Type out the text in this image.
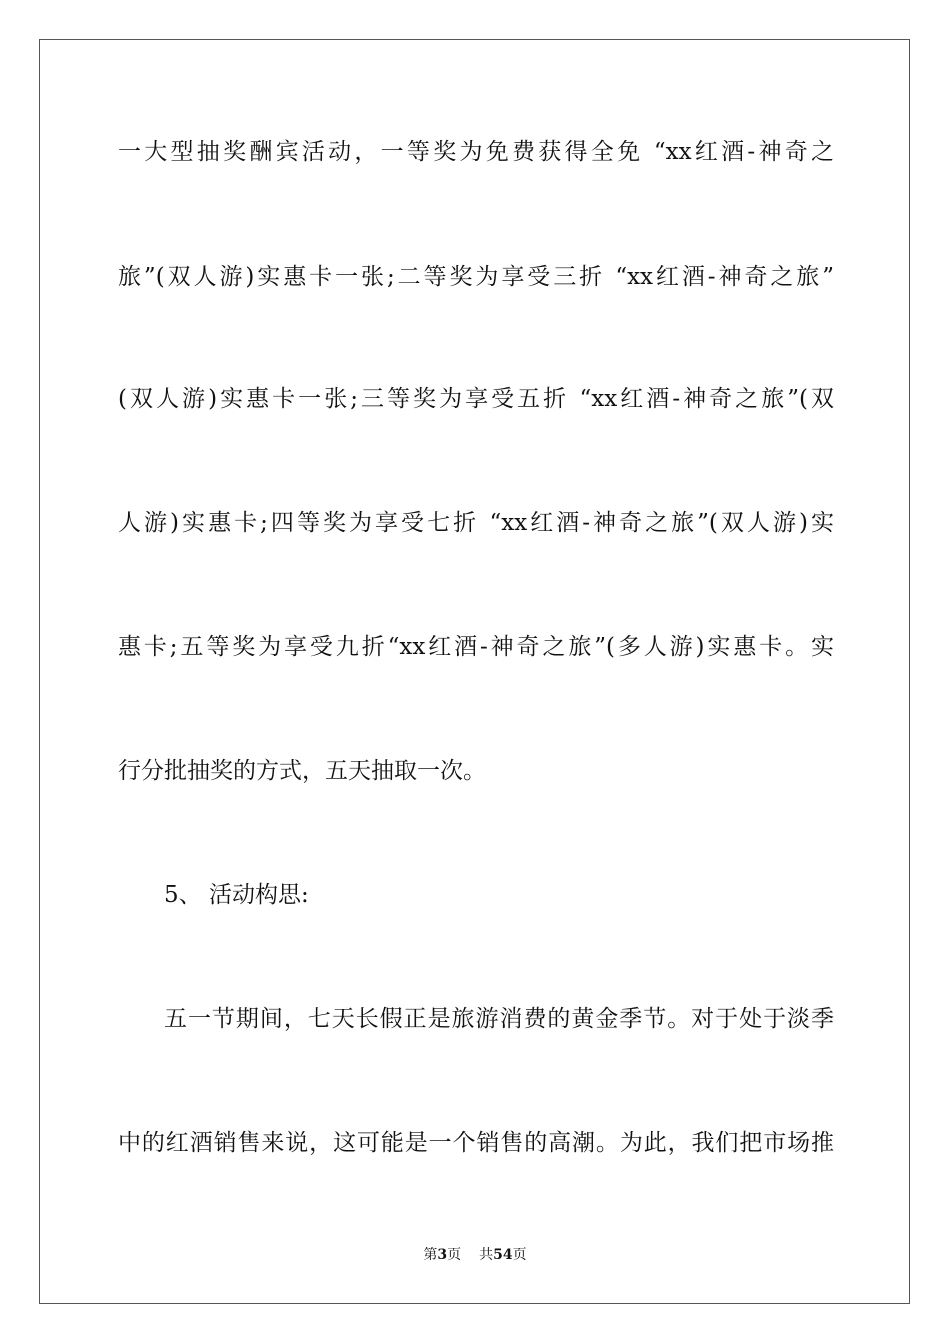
一大型抽奖酬宾活动，一等奖为免费获得全免 “xx红酒-神奇之
旅”(双人游)实惠卡一张;二等奖为享受三折 “xx红酒-神奇之旅”
(双人游)实惠卡一张;三等奖为享受五折 “xx红酒-神奇之旅”(双
人游)实惠卡;四等奖为享受七折 “xx红酒-神奇之旅”(双人游)实
惠卡;五等奖为享受九折“xx红酒-神奇之旅”(多人游)实惠卡。实
行分批抽奖的方式，五天抽取一次。
5、 活动构思:
五一节期间，七天长假正是旅游消费的黄金季节。对于处于淡季
中的红酒销售来说，这可能是一个销售的高潮。为此，我们把市场推
第3页 共54页
